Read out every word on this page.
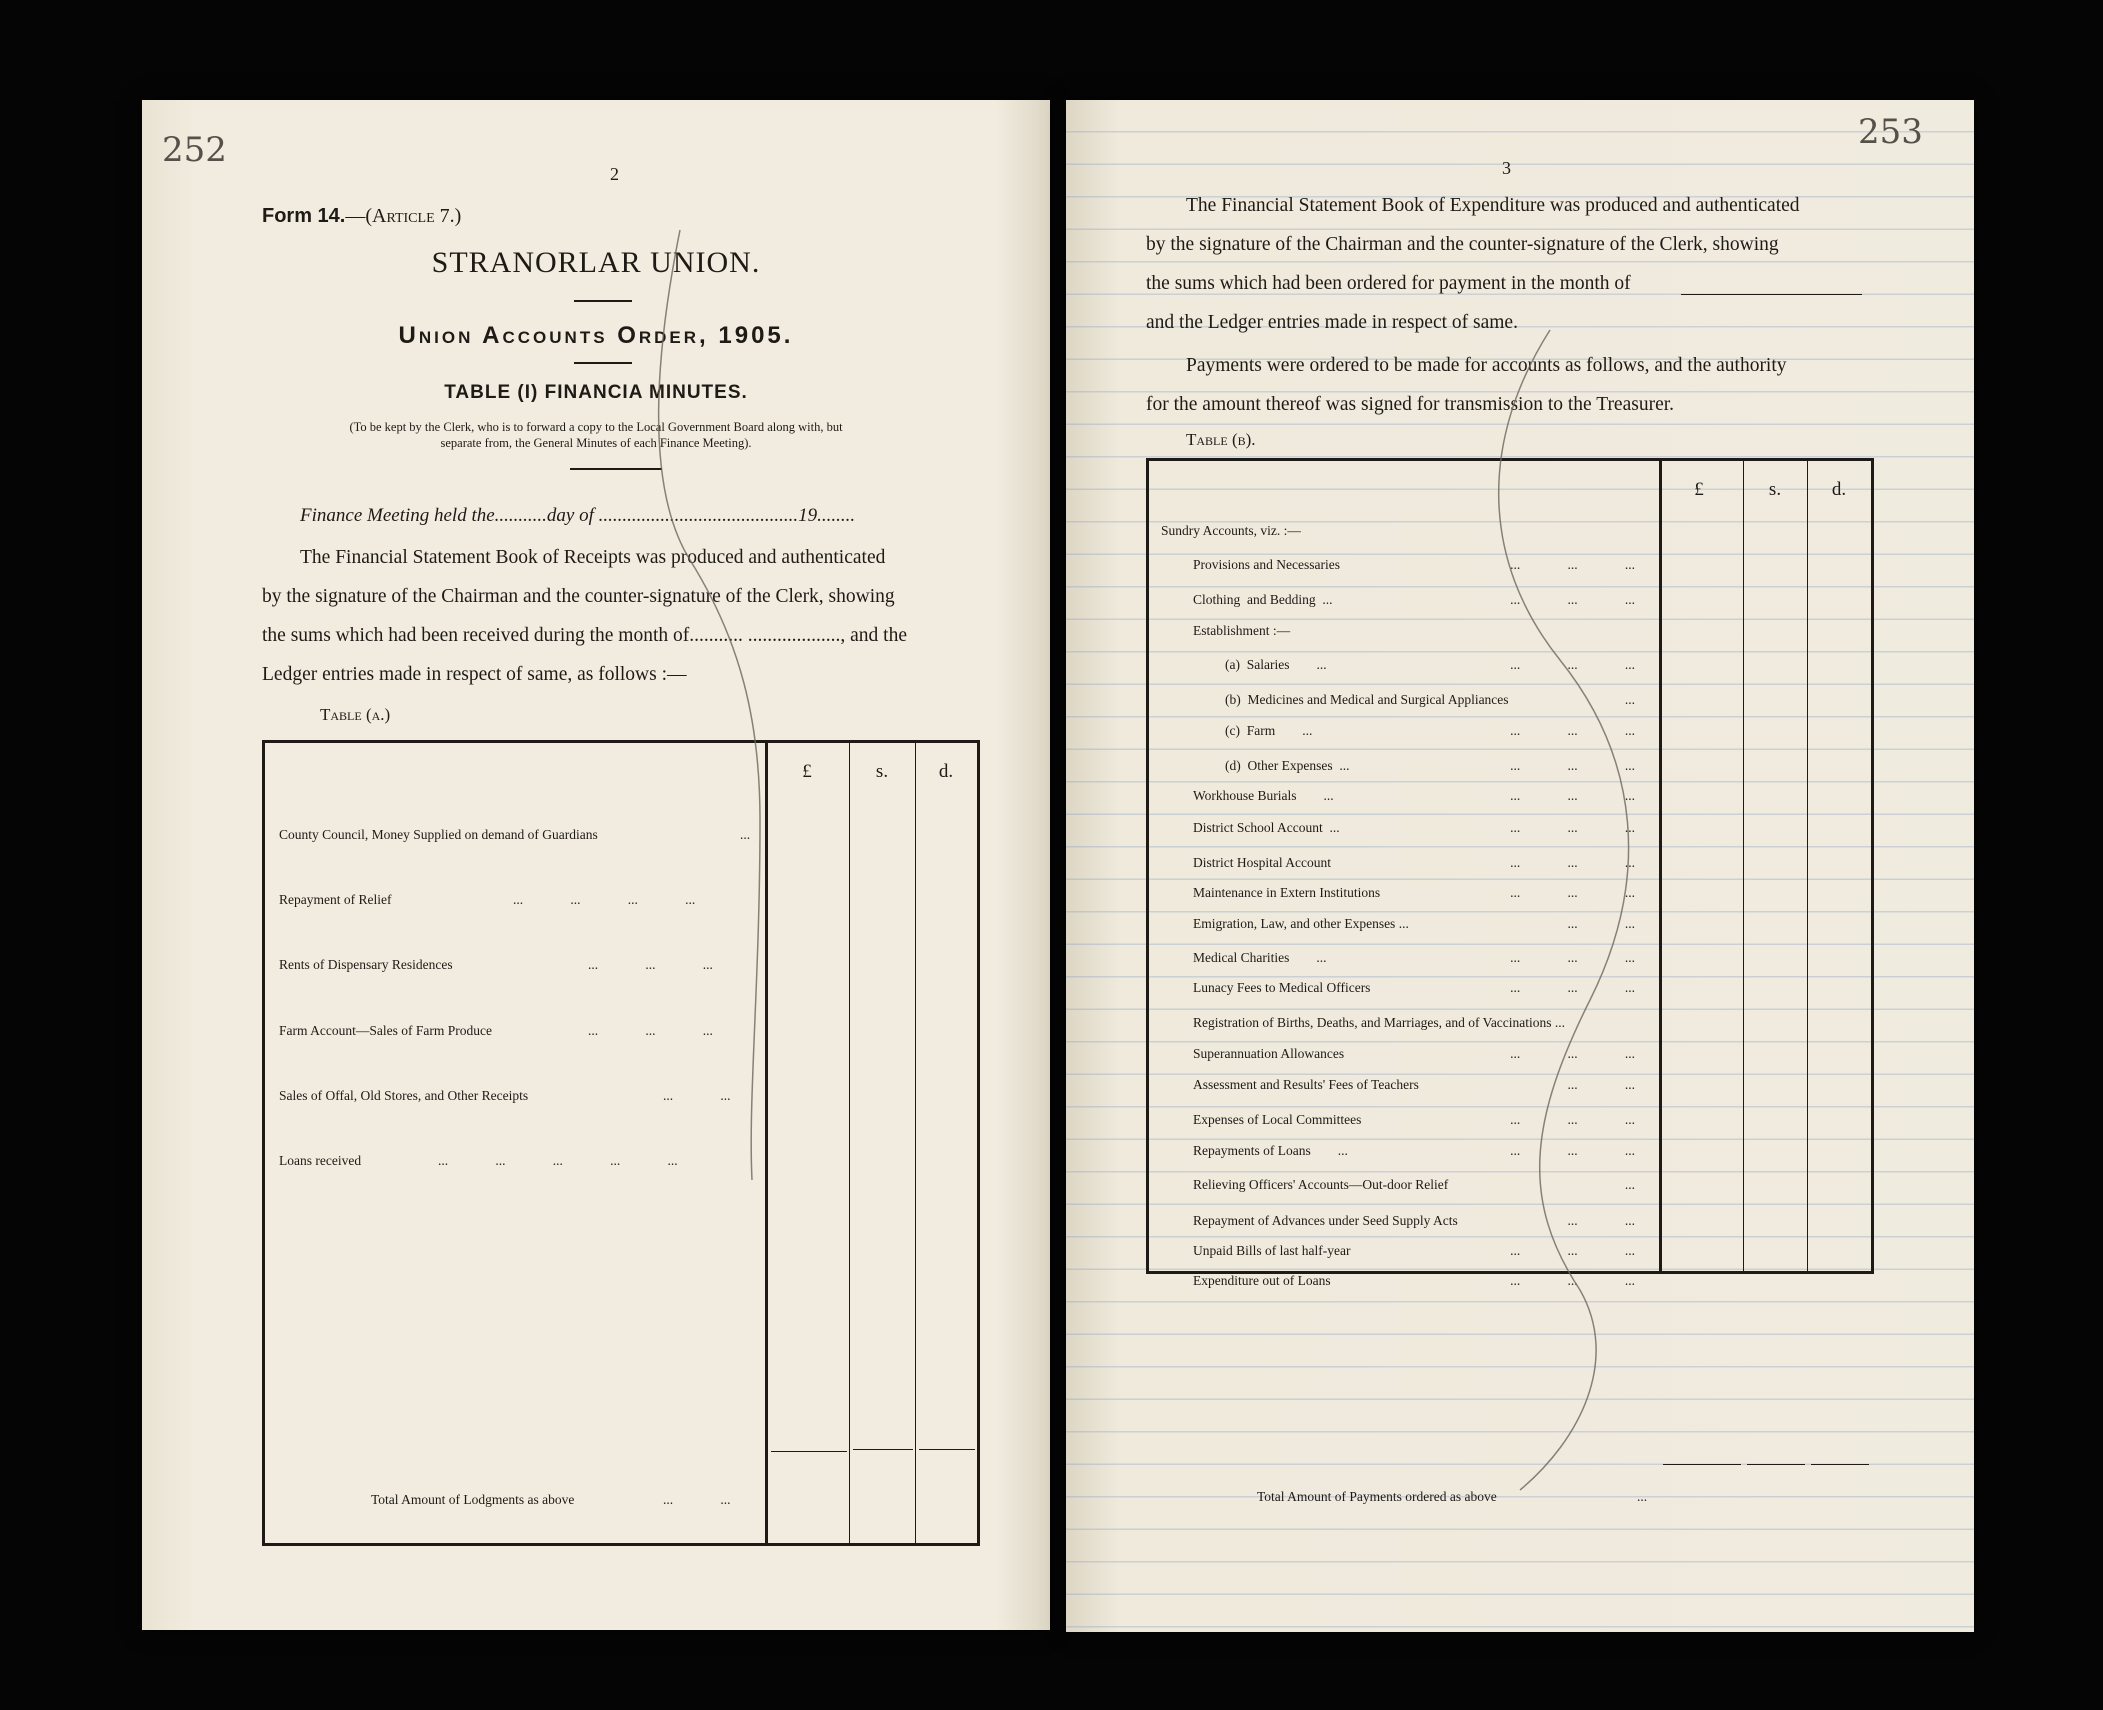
252
2
Form 14.—(Article 7.)
STRANORLAR UNION.
Union Accounts Order, 1905.
TABLE (I) FINANCIA MINUTES.
(To be kept by the Clerk, who is to forward a copy to the Local Government Board along with, but
separate from, the General Minutes of each Finance Meeting).
Finance Meeting held the...........day of ..........................................19........
The Financial Statement Book of Receipts was produced and authenticated
by the signature of the Chairman and the counter-signature of the Clerk, showing
the sums which had been received during the month of........... ..................., and the
Ledger entries made in respect of same, as follows :—
Table (a.)
£	s.	d.
County Council, Money Supplied on demand of Guardians	...
Repayment of Relief	...              ...              ...              ...
Rents of Dispensary Residences	...              ...              ...
Farm Account—Sales of Farm Produce	...              ...              ...
Sales of Offal, Old Stores, and Other Receipts	...              ...
Loans received	...              ...              ...              ...              ...
Total Amount of Lodgments as above	...              ...
253
3
The Financial Statement Book of Expenditure was produced and authenticated
by the signature of the Chairman and the counter-signature of the Clerk, showing
the sums which had been ordered for payment in the month of
and the Ledger entries made in respect of same.
Payments were ordered to be made for accounts as follows, and the authority
for the amount thereof was signed for transmission to the Treasurer.
Table (b).
£	s.	d.
Sundry Accounts, viz. :—
Provisions and Necessaries	...              ...              ...
Clothing  and Bedding  ...	...              ...              ...
Establishment :—
(a)  Salaries        ...	...              ...              ...
(b)  Medicines and Medical and Surgical Appliances	...
(c)  Farm        ...	...              ...              ...
(d)  Other Expenses  ...	...              ...              ...
Workhouse Burials        ...	...              ...              ...
District School Account  ...	...              ...              ...
District Hospital Account	...              ...              ...
Maintenance in Extern Institutions	...              ...              ...
Emigration, Law, and other Expenses ...	...              ...
Medical Charities        ...	...              ...              ...
Lunacy Fees to Medical Officers	...              ...              ...
Registration of Births, Deaths, and Marriages, and of Vaccinations ...
Superannuation Allowances	...              ...              ...
Assessment and Results' Fees of Teachers	...              ...
Expenses of Local Committees	...              ...              ...
Repayments of Loans        ...	...              ...              ...
Relieving Officers' Accounts—Out-door Relief	...
Repayment of Advances under Seed Supply Acts	...              ...
Unpaid Bills of last half-year	...              ...              ...
Expenditure out of Loans	...              ...              ...
Total Amount of Payments ordered as above	...
